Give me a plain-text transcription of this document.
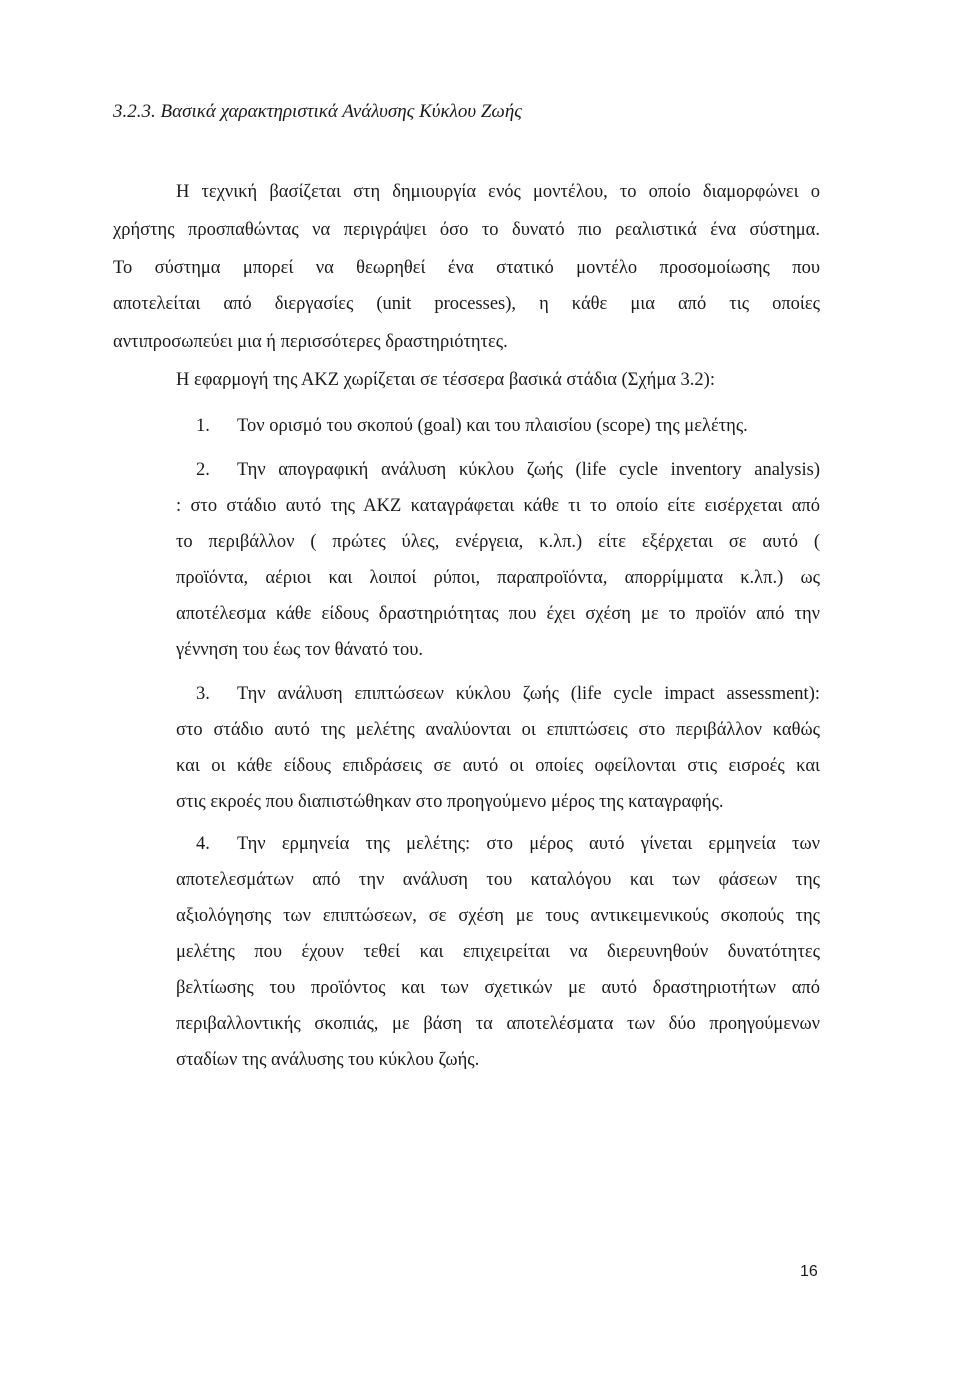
3.2.3. Βασικά χαρακτηριστικά Ανάλυσης Κύκλου Ζωής
Η τεχνική βασίζεται στη δημιουργία ενός μοντέλου, το οποίο διαμορφώνει ο
χρήστης προσπαθώντας να περιγράψει όσο το δυνατό πιο ρεαλιστικά ένα σύστημα.
Το σύστημα μπορεί να θεωρηθεί ένα στατικό μοντέλο προσομοίωσης που
αποτελείται από διεργασίες (unit processes), η κάθε μια από τις οποίες
αντιπροσωπεύει μια ή περισσότερες δραστηριότητες.
Η εφαρμογή της ΑΚΖ χωρίζεται σε τέσσερα βασικά στάδια (Σχήμα 3.2):
1. Τον ορισμό του σκοπού (goal) και του πλαισίου (scope) της μελέτης.
2. Την απογραφική ανάλυση κύκλου ζωής (life cycle inventory analysis)
: στο στάδιο αυτό της ΑΚΖ καταγράφεται κάθε τι το οποίο είτε εισέρχεται από
το περιβάλλον ( πρώτες ύλες, ενέργεια, κ.λπ.) είτε εξέρχεται σε αυτό (
προϊόντα, αέριοι και λοιποί ρύποι, παραπροϊόντα, απορρίμματα κ.λπ.) ως
αποτέλεσμα κάθε είδους δραστηριότητας που έχει σχέση με το προϊόν από την
γέννηση του έως τον θάνατό του.
3. Την ανάλυση επιπτώσεων κύκλου ζωής (life cycle impact assessment):
στο στάδιο αυτό της μελέτης αναλύονται οι επιπτώσεις στο περιβάλλον καθώς
και οι κάθε είδους επιδράσεις σε αυτό οι οποίες οφείλονται στις εισροές και
στις εκροές που διαπιστώθηκαν στο προηγούμενο μέρος της καταγραφής.
4. Την ερμηνεία της μελέτης: στο μέρος αυτό γίνεται ερμηνεία των
αποτελεσμάτων από την ανάλυση του καταλόγου και των φάσεων της
αξιολόγησης των επιπτώσεων, σε σχέση με τους αντικειμενικούς σκοπούς της
μελέτης που έχουν τεθεί και επιχειρείται να διερευνηθούν δυνατότητες
βελτίωσης του προϊόντος και των σχετικών με αυτό δραστηριοτήτων από
περιβαλλοντικής σκοπιάς, με βάση τα αποτελέσματα των δύο προηγούμενων
σταδίων της ανάλυσης του κύκλου ζωής.
16
